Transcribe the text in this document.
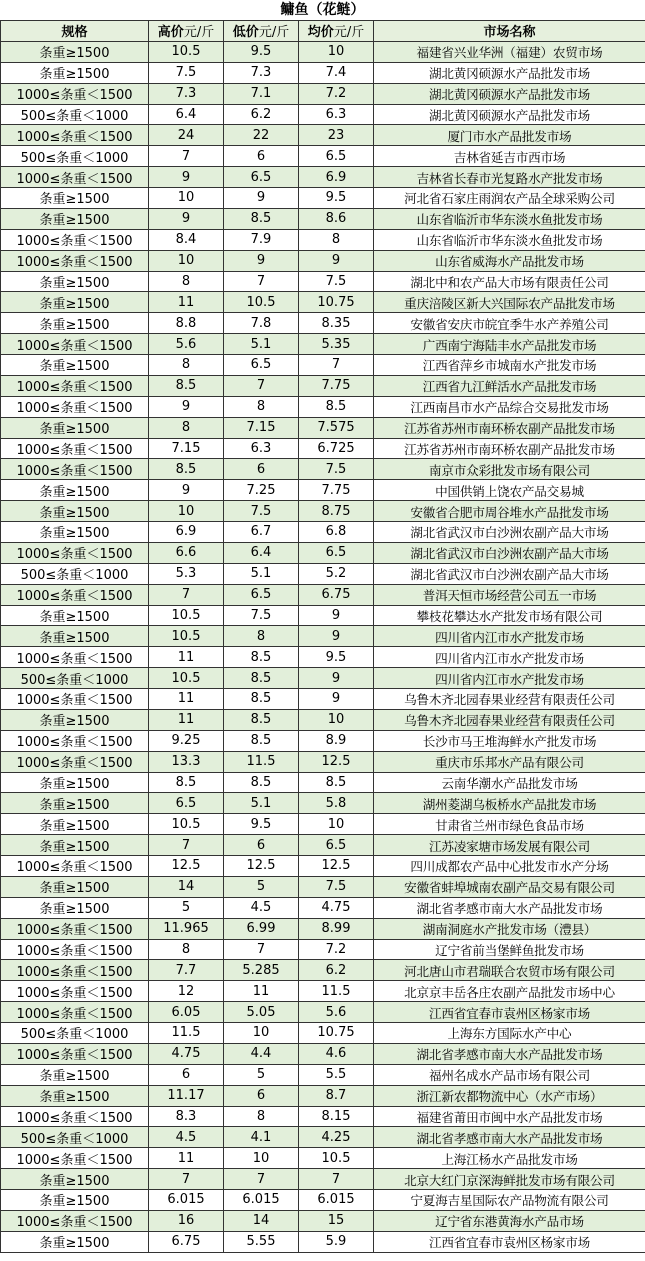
鳙鱼（花鲢）
规格	高价元/斤	低价元/斤	均价元/斤	市场名称
条重≥1500	10.5	9.5	10	福建省兴业华洲（福建）农贸市场
条重≥1500	7.5	7.3	7.4	湖北黄冈硕源水产品批发市场
1000≤条重＜1500	7.3	7.1	7.2	湖北黄冈硕源水产品批发市场
500≤条重＜1000	6.4	6.2	6.3	湖北黄冈硕源水产品批发市场
1000≤条重＜1500	24	22	23	厦门市水产品批发市场
500≤条重＜1000	7	6	6.5	吉林省延吉市西市场
1000≤条重＜1500	9	6.5	6.9	吉林省长春市光复路水产批发市场
条重≥1500	10	9	9.5	河北省石家庄雨润农产品全球采购公司
条重≥1500	9	8.5	8.6	山东省临沂市华东淡水鱼批发市场
1000≤条重＜1500	8.4	7.9	8	山东省临沂市华东淡水鱼批发市场
1000≤条重＜1500	10	9	9	山东省威海水产品批发市场
条重≥1500	8	7	7.5	湖北中和农产品大市场有限责任公司
条重≥1500	11	10.5	10.75	重庆涪陵区新大兴国际农产品批发市场
条重≥1500	8.8	7.8	8.35	安徽省安庆市皖宜季牛水产养殖公司
1000≤条重＜1500	5.6	5.1	5.35	广西南宁海陆丰水产品批发市场
条重≥1500	8	6.5	7	江西省萍乡市城南水产批发市场
1000≤条重＜1500	8.5	7	7.75	江西省九江鲜活水产品批发市场
1000≤条重＜1500	9	8	8.5	江西南昌市水产品综合交易批发市场
条重≥1500	8	7.15	7.575	江苏省苏州市南环桥农副产品批发市场
1000≤条重＜1500	7.15	6.3	6.725	江苏省苏州市南环桥农副产品批发市场
1000≤条重＜1500	8.5	6	7.5	南京市众彩批发市场有限公司
条重≥1500	9	7.25	7.75	中国供销上饶农产品交易城
条重≥1500	10	7.5	8.75	安徽省合肥市周谷堆水产品批发市场
条重≥1500	6.9	6.7	6.8	湖北省武汉市白沙洲农副产品大市场
1000≤条重＜1500	6.6	6.4	6.5	湖北省武汉市白沙洲农副产品大市场
500≤条重＜1000	5.3	5.1	5.2	湖北省武汉市白沙洲农副产品大市场
1000≤条重＜1500	7	6.5	6.75	普洱天恒市场经营公司五一市场
条重≥1500	10.5	7.5	9	攀枝花攀达水产批发市场有限公司
条重≥1500	10.5	8	9	四川省内江市水产批发市场
1000≤条重＜1500	11	8.5	9.5	四川省内江市水产批发市场
500≤条重＜1000	10.5	8.5	9	四川省内江市水产批发市场
1000≤条重＜1500	11	8.5	9	乌鲁木齐北园春果业经营有限责任公司
条重≥1500	11	8.5	10	乌鲁木齐北园春果业经营有限责任公司
1000≤条重＜1500	9.25	8.5	8.9	长沙市马王堆海鲜水产批发市场
1000≤条重＜1500	13.3	11.5	12.5	重庆市乐邦水产品有限公司
条重≥1500	8.5	8.5	8.5	云南华潮水产品批发市场
条重≥1500	6.5	5.1	5.8	湖州菱湖乌板桥水产品批发市场
条重≥1500	10.5	9.5	10	甘肃省兰州市绿色食品市场
条重≥1500	7	6	6.5	江苏凌家塘市场发展有限公司
1000≤条重＜1500	12.5	12.5	12.5	四川成都农产品中心批发市水产分场
条重≥1500	14	5	7.5	安徽省蚌埠城南农副产品交易有限公司
条重≥1500	5	4.5	4.75	湖北省孝感市南大水产品批发市场
1000≤条重＜1500	11.965	6.99	8.99	湖南洞庭水产批发市场（澧县）
1000≤条重＜1500	8	7	7.2	辽宁省前当堡鲜鱼批发市场
1000≤条重＜1500	7.7	5.285	6.2	河北唐山市君瑞联合农贸市场有限公司
1000≤条重＜1500	12	11	11.5	北京京丰岳各庄农副产品批发市场中心
1000≤条重＜1500	6.05	5.05	5.6	江西省宜春市袁州区杨家市场
500≤条重＜1000	11.5	10	10.75	上海东方国际水产中心
1000≤条重＜1500	4.75	4.4	4.6	湖北省孝感市南大水产品批发市场
条重≥1500	6	5	5.5	福州名成水产品市场有限公司
条重≥1500	11.17	6	8.7	浙江新农都物流中心（水产市场）
1000≤条重＜1500	8.3	8	8.15	福建省莆田市闽中水产品批发市场
500≤条重＜1000	4.5	4.1	4.25	湖北省孝感市南大水产品批发市场
1000≤条重＜1500	11	10	10.5	上海江杨水产品批发市场
条重≥1500	7	7	7	北京大红门京深海鲜批发市场有限公司
条重≥1500	6.015	6.015	6.015	宁夏海吉星国际农产品物流有限公司
1000≤条重＜1500	16	14	15	辽宁省东港黄海水产品市场
条重≥1500	6.75	5.55	5.9	江西省宜春市袁州区杨家市场
